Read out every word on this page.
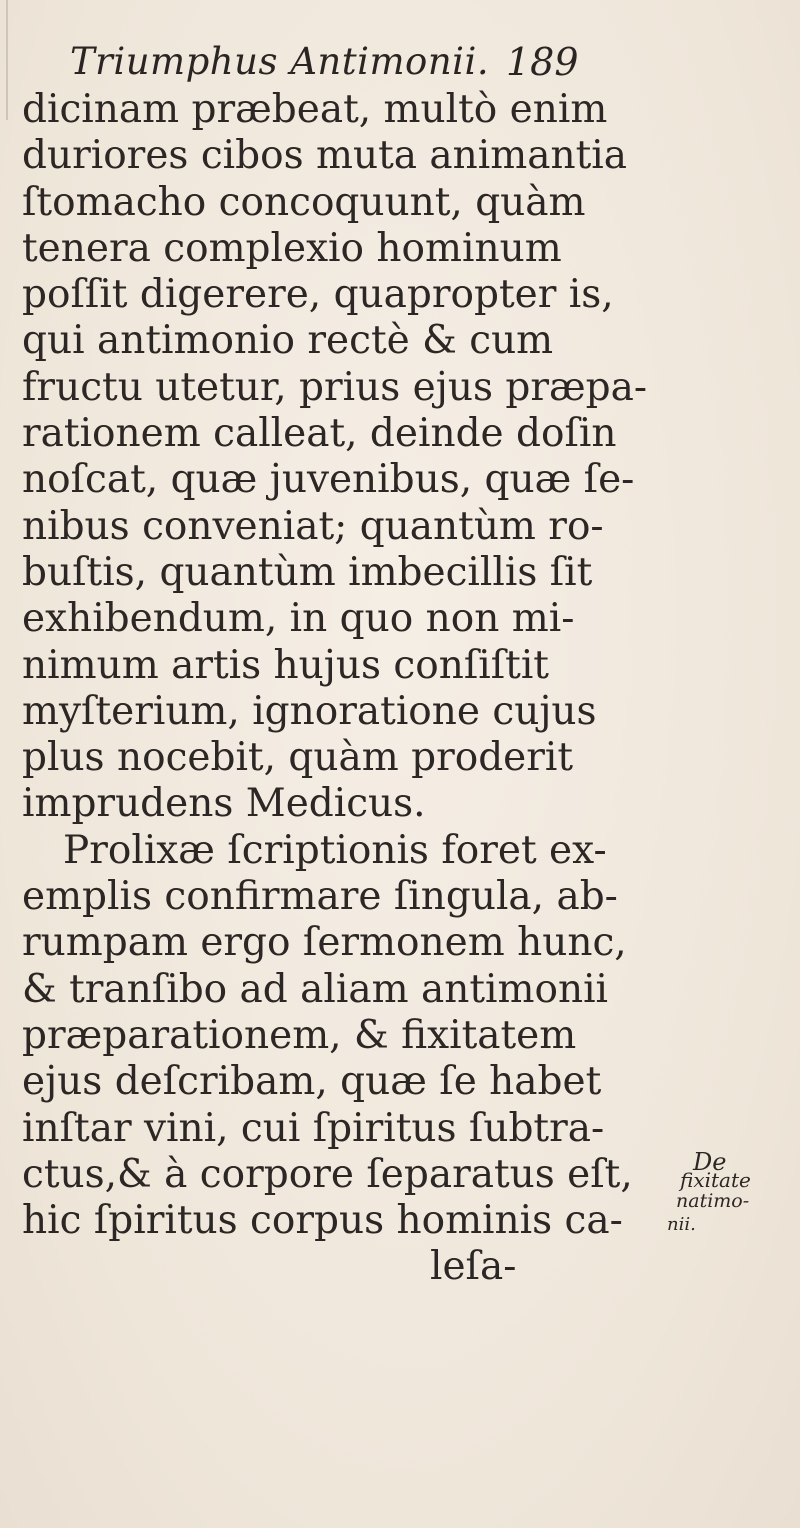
Triumphus Antimonii. 189
dicinam præbeat, multò enim
duriores cibos muta animantia
ſtomacho concoquunt, quàm
tenera complexio hominum
poſſit digerere, quapropter is,
qui antimonio rectè & cum
fructu utetur, prius ejus præpa-
rationem calleat, deinde doſin
noſcat, quæ juvenibus, quæ ſe-
nibus conveniat; quantùm ro-
buſtis, quantùm imbecillis ſit
exhibendum, in quo non mi-
nimum artis hujus conſiſtit
myſterium, ignoratione cujus
plus nocebit, quàm proderit
imprudens Medicus.
Prolixæ ſcriptionis foret ex-
emplis confirmare ſingula, ab-
rumpam ergo ſermonem hunc,
& tranſibo ad aliam antimonii
præparationem, & fixitatem
ejus deſcribam, quæ ſe habet
inſtar vini, cui ſpiritus ſubtra-
ctus,& à corpore ſeparatus eſt,
hic ſpiritus corpus hominis ca-
leſa-
De
fixitate
natimo-
nii.
